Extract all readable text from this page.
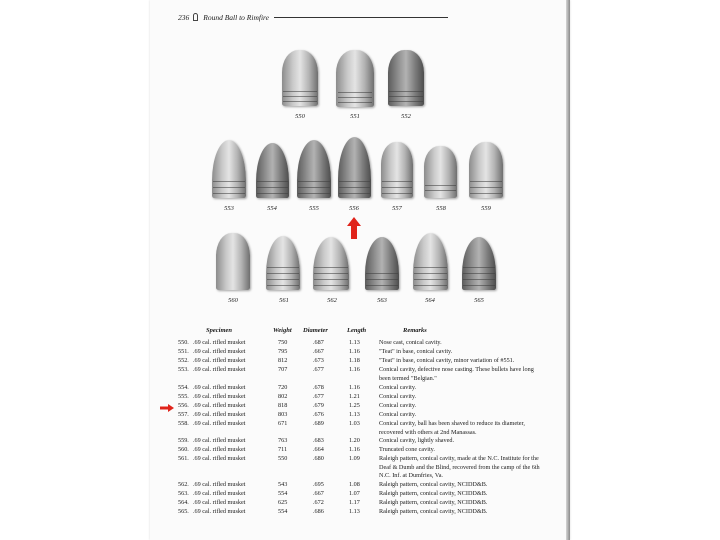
236 Round Ball to Rimfire
550	551	552
553	554	555	556	557	558	559
560	561	562	563	564	565
Specimen	Weight Diameter	Length	Remarks
550. .69 cal. rifled musket	750	.687	1.13	Nose cast, conical cavity.
551. .69 cal. rifled musket	795	.667	1.16	"Teat" in base, conical cavity.
552. .69 cal. rifled musket	812	.673	1.18	"Teat" in base, conical cavity, minor variation of #551.
553. .69 cal. rifled musket	707	.677	1.16	Conical cavity, defective nose casting. These bullets have long been termed "Belgian."
554. .69 cal. rifled musket	720	.678	1.16	Conical cavity.
555. .69 cal. rifled musket	802	.677	1.21	Conical cavity.
556. .69 cal. rifled musket	818	.679	1.25	Conical cavity.
557. .69 cal. rifled musket	803	.676	1.13	Conical cavity.
558. .69 cal. rifled musket	671	.689	1.03	Conical cavity, ball has been shaved to reduce its diameter, recovered with others at 2nd Manassas.
559. .69 cal. rifled musket	763	.683	1.20	Conical cavity, lightly shaved.
560. .69 cal. rifled musket	711	.664	1.16	Truncated cone cavity.
561. .69 cal. rifled musket	550	.680	1.09	Raleigh pattern, conical cavity, made at the N.C. Institute for the Deaf & Dumb and the Blind, recovered from the camp of the 6th N.C. Inf. at Dumfries, Va.
562. .69 cal. rifled musket	543	.695	1.08	Raleigh pattern, conical cavity, NCIDD&B.
563. .69 cal. rifled musket	554	.667	1.07	Raleigh pattern, conical cavity, NCIDD&B.
564. .69 cal. rifled musket	625	.672	1.17	Raleigh pattern, conical cavity, NCIDD&B.
565. .69 cal. rifled musket	554	.686	1.13	Raleigh pattern, conical cavity, NCIDD&B.
